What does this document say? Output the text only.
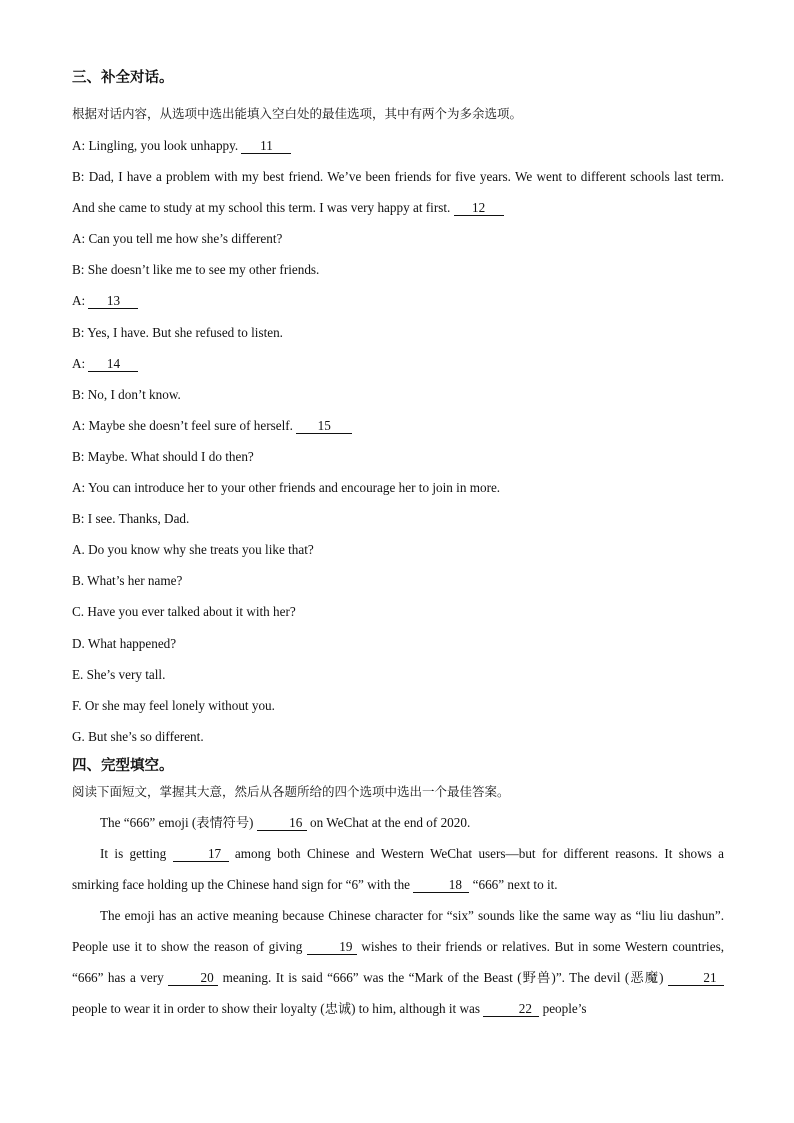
三、补全对话。

根据对话内容，从选项中选出能填入空白处的最佳选项，其中有两个为多余选项。

A: Lingling, you look unhappy. 11

B: Dad, I have a problem with my best friend. We’ve been friends for five years. We went to different schools last term. And she came to study at my school this term. I was very happy at first. 12

A: Can you tell me how she’s different?

B: She doesn’t like me to see my other friends.

A: 13

B: Yes, I have. But she refused to listen.

A: 14

B: No, I don’t know.

A: Maybe she doesn’t feel sure of herself. 15

B: Maybe. What should I do then?

A: You can introduce her to your other friends and encourage her to join in more.

B: I see. Thanks, Dad.

A. Do you know why she treats you like that?

B. What’s her name?

C. Have you ever talked about it with her?

D. What happened?

E. She’s very tall.

F. Or she may feel lonely without you.

G. But she’s so different.

四、完型填空。

阅读下面短文，掌握其大意，然后从各题所给的四个选项中选出一个最佳答案。

The “666” emoji (表情符号) 16 on WeChat at the end of 2020.

It is getting	17 among both Chinese and Western WeChat users—but for different reasons. It shows a smirking face holding up the Chinese hand sign for “6” with the	18 “666” next to it.

The emoji has an active meaning because Chinese character for “six” sounds like the same way as “liu liu dashun”. People use it to show the reason of giving 19 wishes to their friends or relatives. But in some Western countries, “666” has a very 20 meaning. It is said “666” was the “Mark of the Beast (野兽)”. The devil (恶魔)	21 people to wear it in order to show their loyalty (忠诚) to him, although it was	22 people’s
